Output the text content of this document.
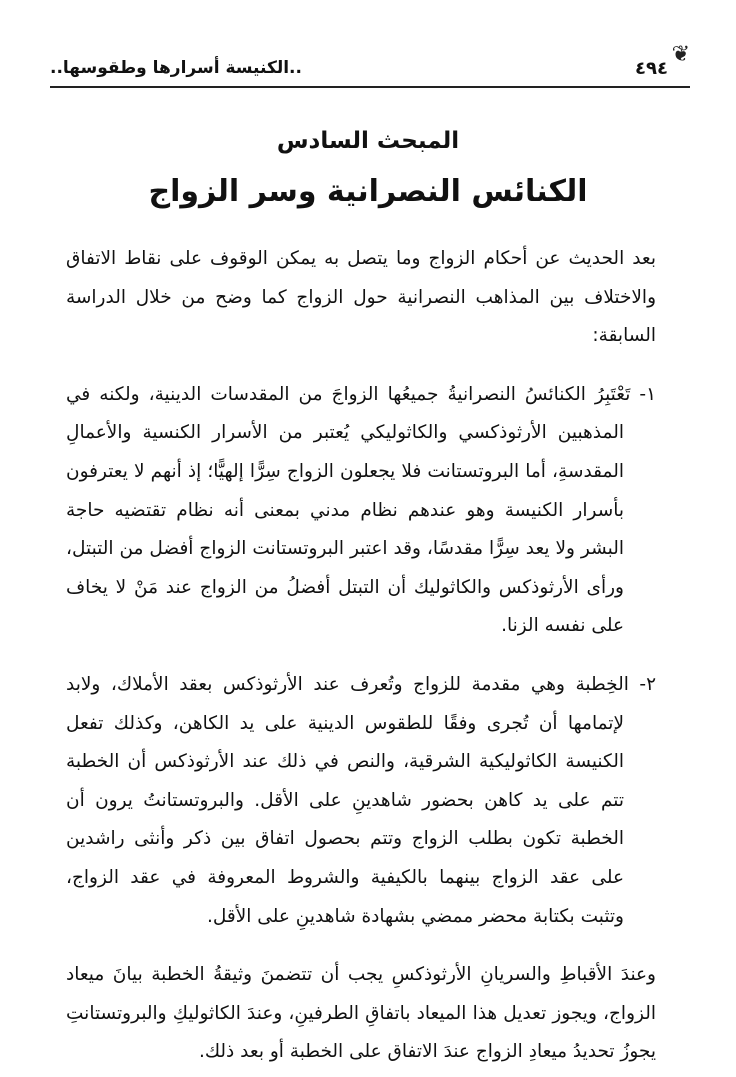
❦
٤٩٤
..الكنيسة أسرارها وطقوسها..
المبحث السادس
الكنائس النصرانية وسر الزواج

بعد الحديث عن أحكام الزواج وما يتصل به يمكن الوقوف على نقاط الاتفاق والاختلاف بين المذاهب النصرانية حول الزواج كما وضح من خلال الدراسة السابقة:

١- تَعْتَبِرُ الكنائسُ النصرانيةُ جميعُها الزواجَ من المقدسات الدينية، ولكنه في المذهبين الأرثوذكسي والكاثوليكي يُعتبر من الأسرار الكنسية والأعمالِ المقدسةِ، أما البروتستانت فلا يجعلون الزواج سِرًّا إلهيًّا؛ إذ أنهم لا يعترفون بأسرار الكنيسة وهو عندهم نظام مدني بمعنى أنه نظام تقتضيه حاجة البشر ولا يعد سِرًّا مقدسًا، وقد اعتبر البروتستانت الزواج أفضل من التبتل، ورأى الأرثوذكس والكاثوليك أن التبتل أفضلُ من الزواج عند مَنْ لا يخاف على نفسه الزنا.

٢- الخِطبة وهي مقدمة للزواج وتُعرف عند الأرثوذكس بعقد الأملاك، ولابد لإتمامها أن تُجرى وفقًا للطقوس الدينية على يد الكاهن، وكذلك تفعل الكنيسة الكاثوليكية الشرقية، والنص في ذلك عند الأرثوذكس أن الخطبة تتم على يد كاهن بحضور شاهدينِ على الأقل. والبروتستانتُ يرون أن الخطبة تكون بطلب الزواج وتتم بحصول اتفاق بين ذكر وأنثى راشدين على عقد الزواج بينهما بالكيفية والشروط المعروفة في عقد الزواج، وتثبت بكتابة محضر ممضي بشهادة شاهدينِ على الأقل.

وعندَ الأقباطِ والسريانِ الأرثوذكسِ يجب أن تتضمنَ وثيقةُ الخطبة بيانَ ميعاد الزواج، ويجوز تعديل هذا الميعاد باتفاقِ الطرفينِ، وعندَ الكاثوليكِ والبروتستانتِ يجوزُ تحديدُ ميعادِ الزواج عندَ الاتفاق على الخطبة أو بعد ذلك.
